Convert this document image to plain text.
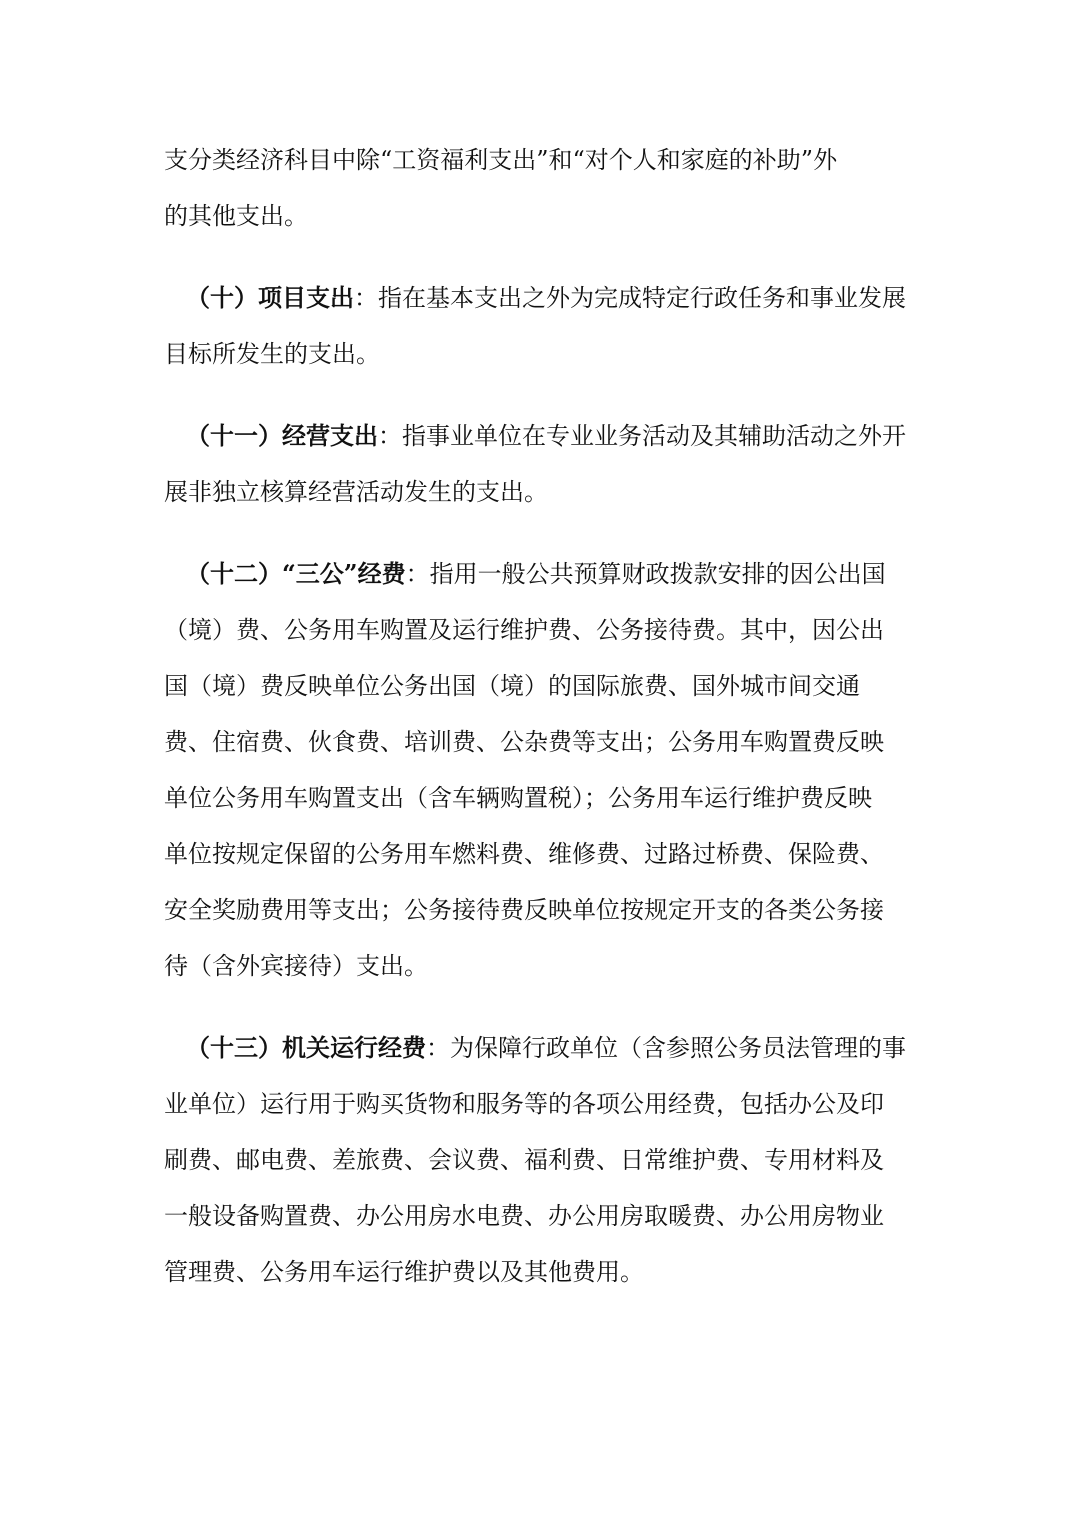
支分类经济科目中除“工资福利支出”和“对个人和家庭的补助”外
的其他支出。
（十）项目支出：指在基本支出之外为完成特定行政任务和事业发展
目标所发生的支出。
（十一）经营支出：指事业单位在专业业务活动及其辅助活动之外开
展非独立核算经营活动发生的支出。
（十二）“三公”经费：指用一般公共预算财政拨款安排的因公出国
（境）费、公务用车购置及运行维护费、公务接待费。其中，因公出
国（境）费反映单位公务出国（境）的国际旅费、国外城市间交通
费、住宿费、伙食费、培训费、公杂费等支出；公务用车购置费反映
单位公务用车购置支出（含车辆购置税）；公务用车运行维护费反映
单位按规定保留的公务用车燃料费、维修费、过路过桥费、保险费、
安全奖励费用等支出；公务接待费反映单位按规定开支的各类公务接
待（含外宾接待）支出。
（十三）机关运行经费：为保障行政单位（含参照公务员法管理的事
业单位）运行用于购买货物和服务等的各项公用经费，包括办公及印
刷费、邮电费、差旅费、会议费、福利费、日常维护费、专用材料及
一般设备购置费、办公用房水电费、办公用房取暖费、办公用房物业
管理费、公务用车运行维护费以及其他费用。
